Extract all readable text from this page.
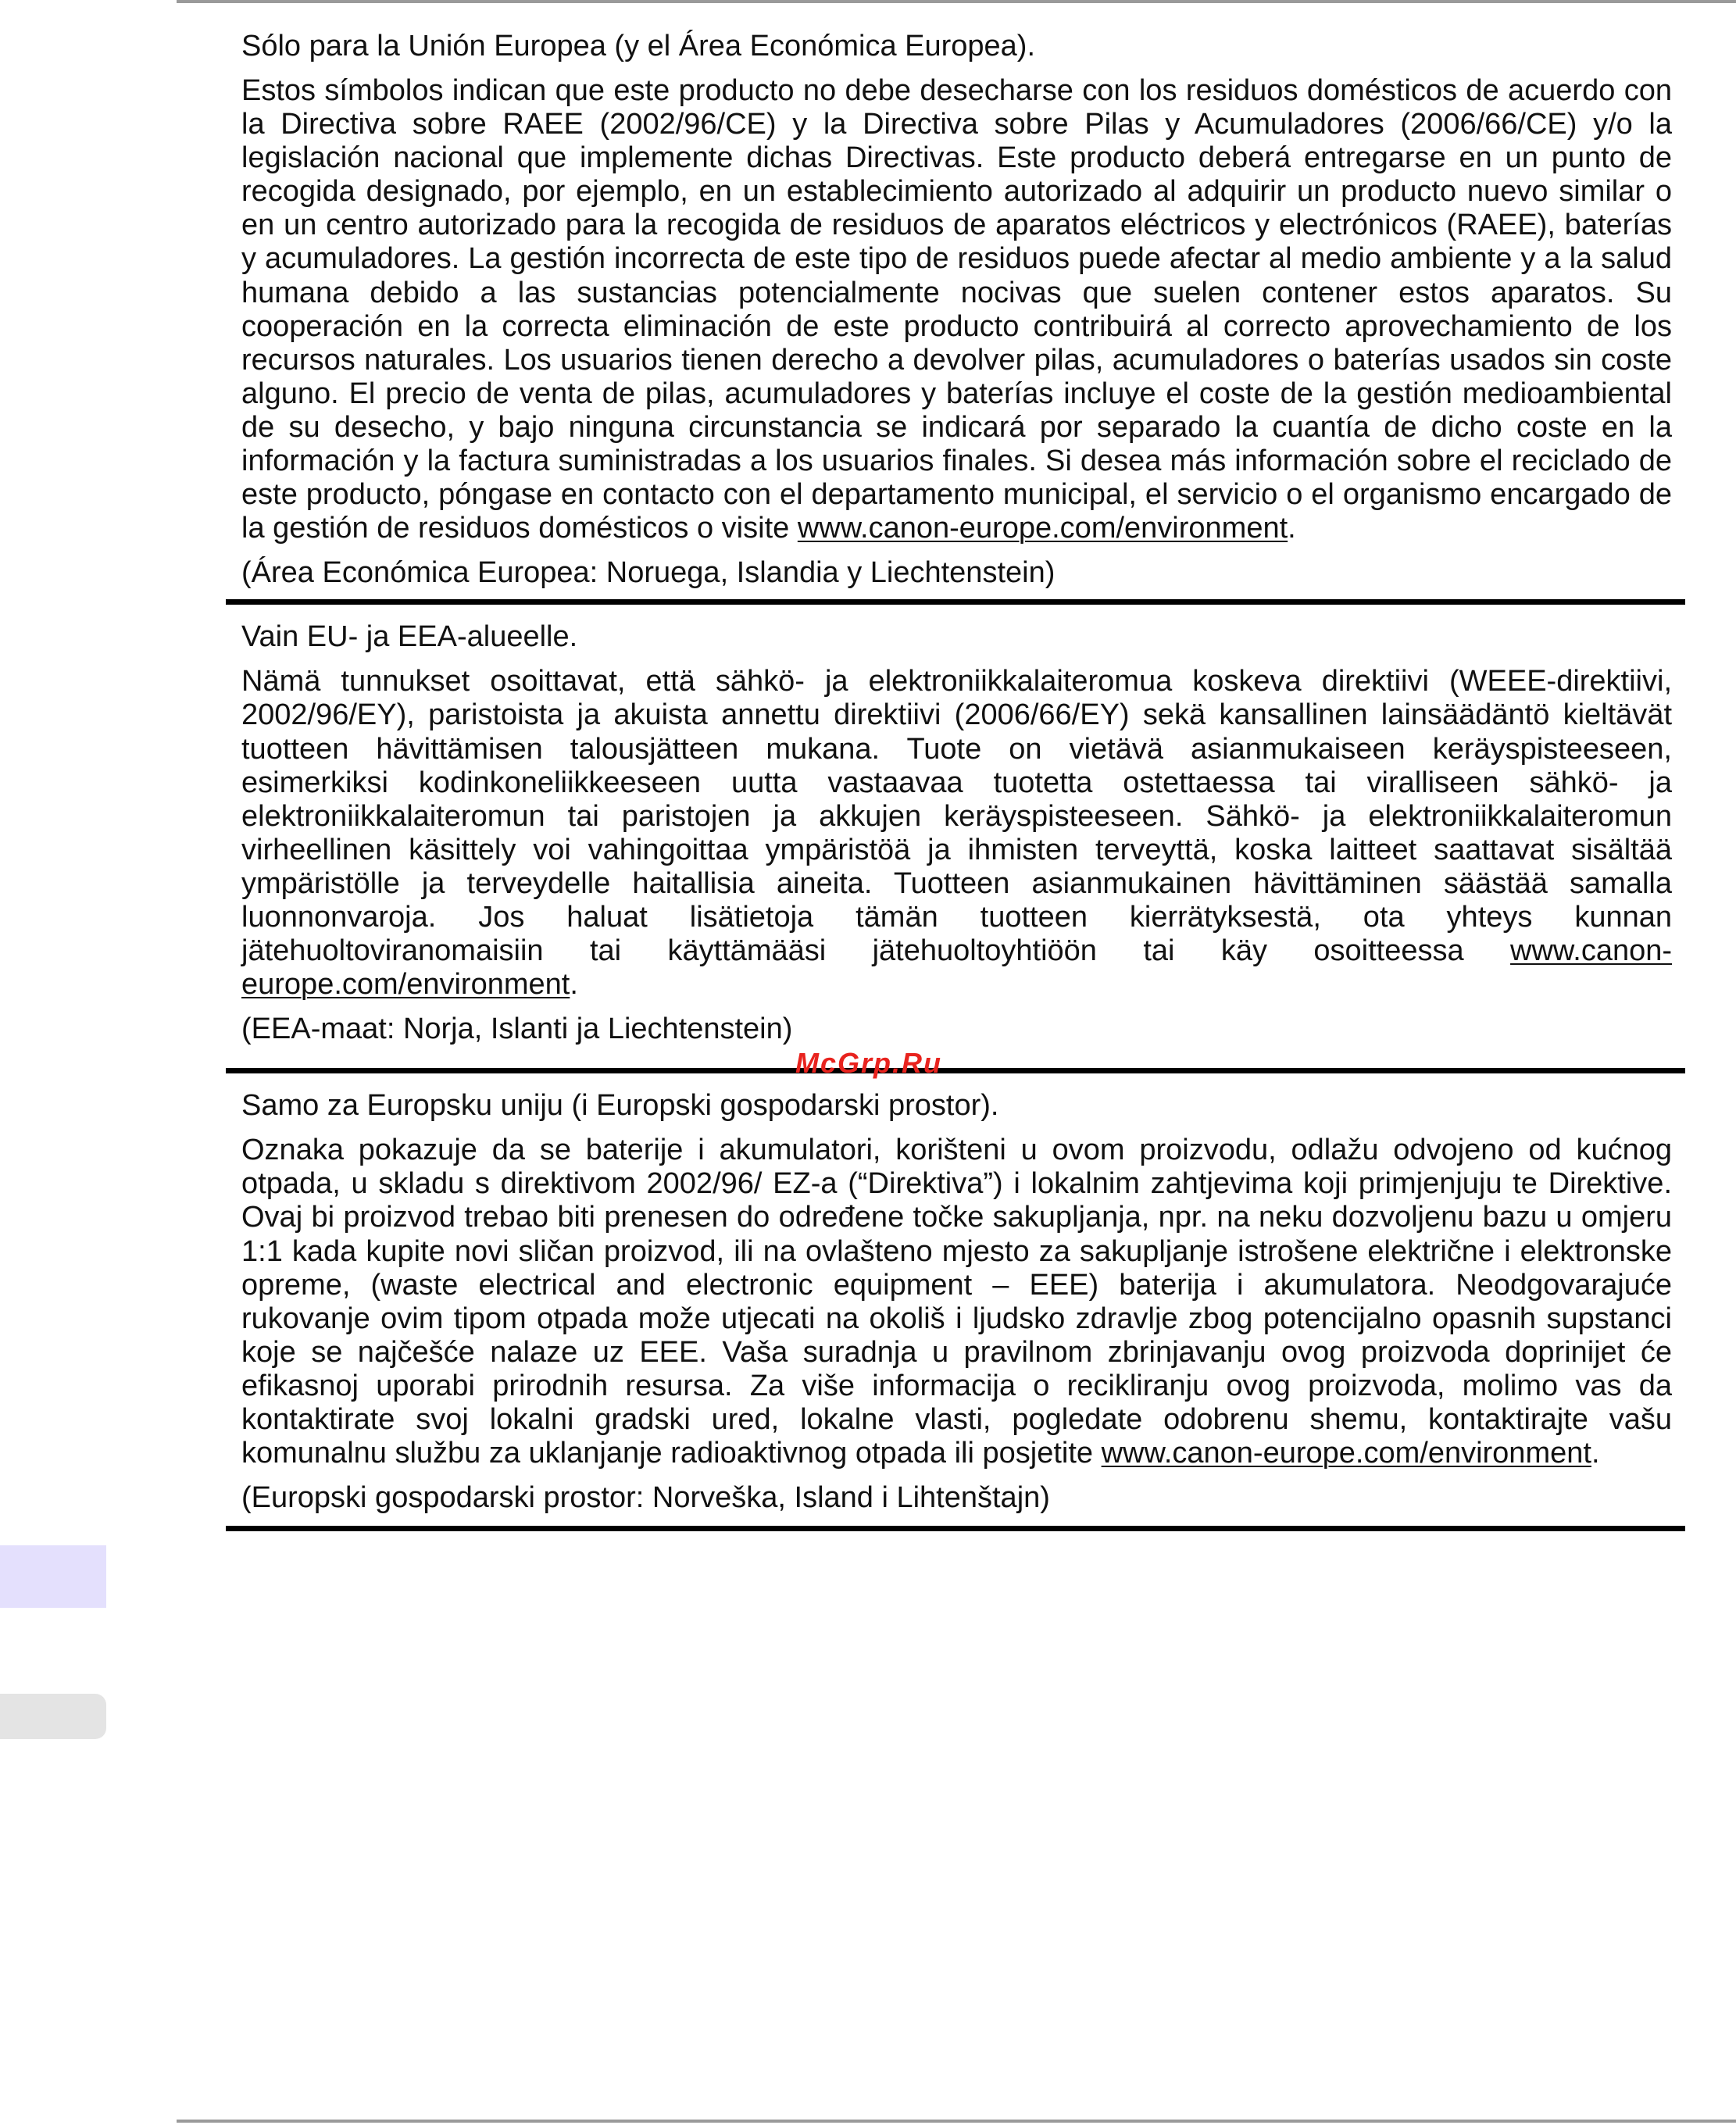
Sólo para la Unión Europea (y el Área Económica Europea).

Estos símbolos indican que este producto no debe desecharse con los residuos domésticos de acuerdo con la Directiva sobre RAEE (2002/96/CE) y la Directiva sobre Pilas y Acumuladores (2006/66/CE) y/o la legislación nacional que implemente dichas Directivas. Este producto deberá entregarse en un punto de recogida designado, por ejemplo, en un establecimiento autorizado al adquirir un producto nuevo similar o en un centro autorizado para la recogida de residuos de aparatos eléctricos y electrónicos (RAEE), baterías y acumuladores. La gestión incorrecta de este tipo de residuos puede afectar al medio ambiente y a la salud humana debido a las sustancias potencialmente nocivas que suelen contener estos aparatos. Su cooperación en la correcta eliminación de este producto contribuirá al correcto aprovechamiento de los recursos naturales. Los usuarios tienen derecho a devolver pilas, acumuladores o baterías usados sin coste alguno. El precio de venta de pilas, acumuladores y baterías incluye el coste de la gestión medioambiental de su desecho, y bajo ninguna circunstancia se indicará por separado la cuantía de dicho coste en la información y la factura suministradas a los usuarios finales. Si desea más información sobre el reciclado de este producto, póngase en contacto con el departamento municipal, el servicio o el organismo encargado de la gestión de residuos domésticos o visite www.canon-europe.com/environment.

(Área Económica Europea: Noruega, Islandia y Liechtenstein)

Vain EU- ja EEA-alueelle.

Nämä tunnukset osoittavat, että sähkö- ja elektroniikkalaiteromua koskeva direktiivi (WEEE-direktiivi, 2002/96/EY), paristoista ja akuista annettu direktiivi (2006/66/EY) sekä kansallinen lainsäädäntö kieltävät tuotteen hävittämisen talousjätteen mukana. Tuote on vietävä asianmukaiseen keräyspisteeseen, esimerkiksi kodinkoneliikkeeseen uutta vastaavaa tuotetta ostettaessa tai viralliseen sähkö- ja elektroniikkalaiteromun tai paristojen ja akkujen keräyspisteeseen. Sähkö- ja elektroniikkalaiteromun virheellinen käsittely voi vahingoittaa ympäristöä ja ihmisten terveyttä, koska laitteet saattavat sisältää ympäristölle ja terveydelle haitallisia aineita. Tuotteen asianmukainen hävittäminen säästää samalla luonnonvaroja. Jos haluat lisätietoja tämän tuotteen kierrätyksestä, ota yhteys kunnan jätehuoltoviranomaisiin tai käyttämääsi jätehuoltoyhtiöön tai käy osoitteessa www.canon-europe.com/environment.

(EEA-maat: Norja, Islanti ja Liechtenstein)

Samo za Europsku uniju (i Europski gospodarski prostor).

Oznaka pokazuje da se baterije i akumulatori, korišteni u ovom proizvodu, odlažu odvojeno od kućnog otpada, u skladu s direktivom 2002/96/ EZ-a (“Direktiva”) i lokalnim zahtjevima koji primjenjuju te Direktive. Ovaj bi proizvod trebao biti prenesen do određene točke sakupljanja, npr. na neku dozvoljenu bazu u omjeru 1:1 kada kupite novi sličan proizvod, ili na ovlašteno mjesto za sakupljanje istrošene električne i elektronske opreme, (waste electrical and electronic equipment – EEE) baterija i akumulatora. Neodgovarajuće rukovanje ovim tipom otpada može utjecati na okoliš i ljudsko zdravlje zbog potencijalno opasnih supstanci koje se najčešće nalaze uz EEE. Vaša suradnja u pravilnom zbrinjavanju ovog proizvoda doprinijet će efikasnoj uporabi prirodnih resursa. Za više informacija o recikliranju ovog proizvoda, molimo vas da kontaktirate svoj lokalni gradski ured, lokalne vlasti, pogledate odobrenu shemu, kontaktirajte vašu komunalnu službu za uklanjanje radioaktivnog otpada ili posjetite www.canon-europe.com/environment.

(Europski gospodarski prostor: Norveška, Island i Lihtenštajn)

McGrp.Ru
